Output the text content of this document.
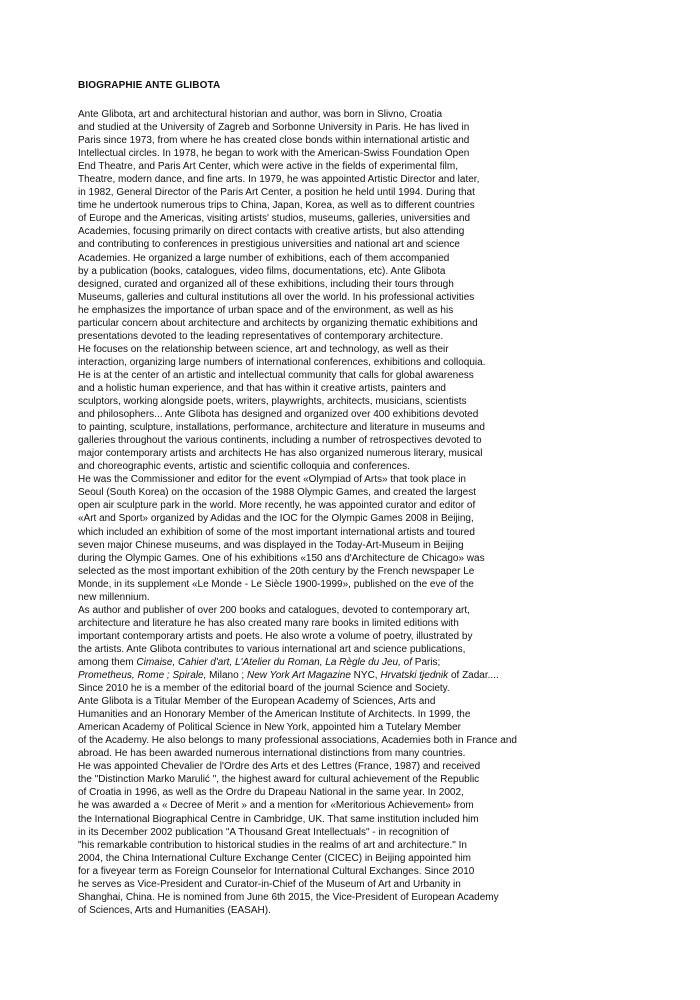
BIOGRAPHIE ANTE GLIBOTA
Ante Glibota, art and architectural historian and author, was born in Slivno, Croatia
and studied at the University of Zagreb and Sorbonne University in Paris. He has lived in
Paris since 1973, from where he has created close bonds within international artistic and
Intellectual circles. In 1978, he began to work with the American-Swiss Foundation Open
End Theatre, and Paris Art Center, which were active in the fields of experimental film,
Theatre, modern dance, and fine arts. In 1979, he was appointed Artistic Director and later,
in 1982, General Director of the Paris Art Center, a position he held until 1994. During that
time he undertook numerous trips to China, Japan, Korea, as well as to different countries
of Europe and the Americas, visiting artists' studios, museums, galleries, universities and
Academies, focusing primarily on direct contacts with creative artists, but also attending
and contributing to conferences in prestigious universities and national art and science
Academies. He organized a large number of exhibitions, each of them accompanied
by a publication (books, catalogues, video films, documentations, etc). Ante Glibota
designed, curated and organized all of these exhibitions, including their tours through
Museums, galleries and cultural institutions all over the world. In his professional activities
he emphasizes the importance of urban space and of the environment, as well as his
particular concern about architecture and architects by organizing thematic exhibitions and
presentations devoted to the leading representatives of contemporary architecture.
He focuses on the relationship between science, art and technology, as well as their
interaction, organizing large numbers of international conferences, exhibitions and colloquia.
He is at the center of an artistic and intellectual community that calls for global awareness
and a holistic human experience, and that has within it creative artists, painters and
sculptors, working alongside poets, writers, playwrights, architects, musicians, scientists
and philosophers... Ante Glibota has designed and organized over 400 exhibitions devoted
to painting, sculpture, installations, performance, architecture and literature in museums and
galleries throughout the various continents, including a number of retrospectives devoted to
major contemporary artists and architects He has also organized numerous literary, musical
and choreographic events, artistic and scientific colloquia and conferences.
He was the Commissioner and editor for the event «Olympiad of Arts» that took place in
Seoul (South Korea) on the occasion of the 1988 Olympic Games, and created the largest
open air sculpture park in the world. More recently, he was appointed curator and editor of
«Art and Sport» organized by Adidas and the IOC for the Olympic Games 2008 in Beijing,
which included an exhibition of some of the most important international artists and toured
seven major Chinese museums, and was displayed in the Today-Art-Museum in Beijing
during the Olympic Games. One of his exhibitions «150 ans d'Architecture de Chicago» was
selected as the most important exhibition of the 20th century by the French newspaper Le
Monde, in its supplement «Le Monde - Le Siècle 1900-1999», published on the eve of the
new millennium.
As author and publisher of over 200 books and catalogues, devoted to contemporary art,
architecture and literature he has also created many rare books in limited editions with
important contemporary artists and poets. He also wrote a volume of poetry, illustrated by
the artists. Ante Glibota contributes to various international art and science publications,
among them Cimaise, Cahier d'art, L'Atelier du Roman, La Règle du Jeu, of Paris;
Prometheus, Rome ; Spirale, Milano ; New York Art Magazine NYC, Hrvatski tjednik of Zadar....
Since 2010 he is a member of the editorial board of the journal Science and Society.
Ante Glibota is a Titular Member of the European Academy of Sciences, Arts and
Humanities and an Honorary Member of the American Institute of Architects. In 1999, the
American Academy of Political Science in New York, appointed him a Tutelary Member
of the Academy. He also belongs to many professional associations, Academies both in France and
abroad. He has been awarded numerous international distinctions from many countries.
He was appointed Chevalier de l'Ordre des Arts et des Lettres (France, 1987) and received
the "Distinction Marko Marulić ", the highest award for cultural achievement of the Republic
of Croatia in 1996, as well as the Ordre du Drapeau National in the same year. In 2002,
he was awarded a « Decree of Merit » and a mention for «Meritorious Achievement» from
the International Biographical Centre in Cambridge, UK. That same institution included him
in its December 2002 publication "A Thousand Great Intellectuals" - in recognition of
"his remarkable contribution to historical studies in the realms of art and architecture." In
2004, the China International Culture Exchange Center (CICEC) in Beijing appointed him
for a fiveyear term as Foreign Counselor for International Cultural Exchanges. Since 2010
he serves as Vice-President and Curator-in-Chief of the Museum of Art and Urbanity in
Shanghai, China. He is nomined from June 6th 2015, the Vice-President of European Academy
of Sciences, Arts and Humanities (EASAH).
